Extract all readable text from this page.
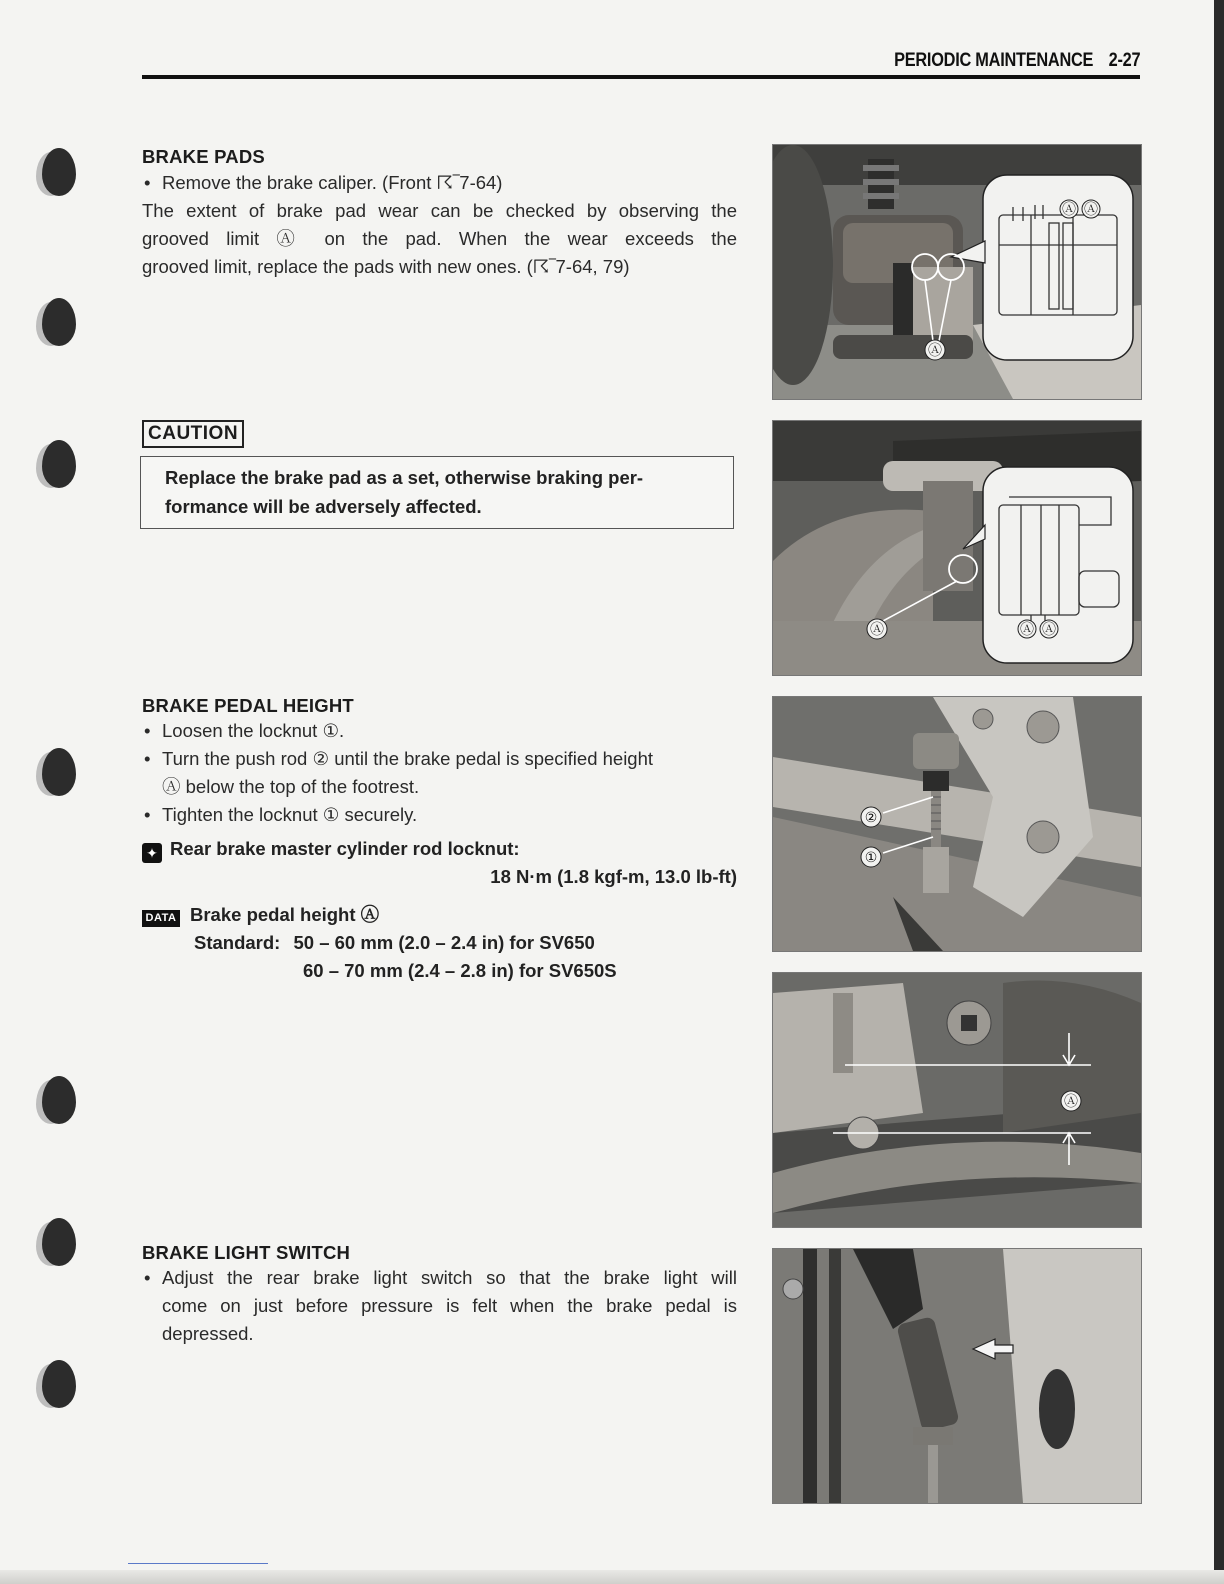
PERIODIC MAINTENANCE 2-27
BRAKE PADS
• Remove the brake caliper. (Front ☈‾7-64)

The extent of brake pad wear can be checked by observing the

grooved limit Ⓐ on the pad. When the wear exceeds the

grooved limit, replace the pads with new ones. (☈‾7-64, 79)

CAUTION
Replace the brake pad as a set, otherwise braking per-
formance will be adversely affected.
BRAKE PEDAL HEIGHT
• Loosen the locknut ①.
• Turn the push rod ② until the brake pedal is specified height

Ⓐ below the top of the footrest.

• Tighten the locknut ① securely.
✦ Rear brake master cylinder rod locknut:
18 N·m (1.8 kgf-m, 13.0 lb-ft)
DATA Brake pedal height Ⓐ
Standard: 50 – 60 mm (2.0 – 2.4 in) for SV650
60 – 70 mm (2.4 – 2.8 in) for SV650S
BRAKE LIGHT SWITCH
• Adjust the rear brake light switch so that the brake light will

come on just before pressure is felt when the brake pedal is

depressed.

Ⓐ Ⓐ
Ⓐ
Ⓐ Ⓐ
Ⓐ
②
①
Ⓐ
